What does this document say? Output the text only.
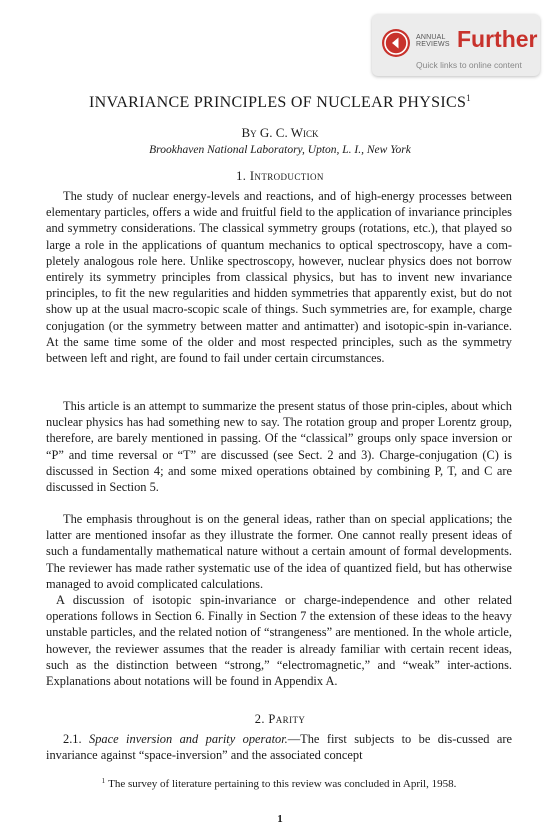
ANNUAL
REVIEWS Further
Quick links to online content
INVARIANCE PRINCIPLES OF NUCLEAR PHYSICS$^1$
By G. C. Wick
Brookhaven National Laboratory, Upton, L. I., New York
1. Introduction

The study of nuclear energy-levels and reactions, and of high-energy processes between elementary particles, offers a wide and fruitful field to the application of invariance principles and symmetry considerations. The classical symmetry groups (rotations, etc.), that played so large a role in the applications of quantum mechanics to optical spectroscopy, have a com-pletely analogous role here. Unlike spectroscopy, however, nuclear physics does not borrow entirely its symmetry principles from classical physics, but has to invent new invariance principles, to fit the new regularities and hidden symmetries that apparently exist, but do not show up at the usual macro-scopic scale of things. Such symmetries are, for example, charge conjugation (or the symmetry between matter and antimatter) and isotopic-spin in-variance. At the same time some of the older and most respected principles, such as the symmetry between left and right, are found to fail under certain circumstances.

This article is an attempt to summarize the present status of those prin-ciples, about which nuclear physics has had something new to say. The rotation group and proper Lorentz group, therefore, are barely mentioned in passing. Of the “classical” groups only space inversion or “P” and time reversal or “T” are discussed (see Sect. 2 and 3). Charge-conjugation (C) is discussed in Section 4; and some mixed operations obtained by combining P, T, and C are discussed in Section 5.

The emphasis throughout is on the general ideas, rather than on special applications; the latter are mentioned insofar as they illustrate the former. One cannot really present ideas of such a fundamentally mathematical nature without a certain amount of formal developments. The reviewer has made rather systematic use of the idea of quantized field, but has otherwise managed to avoid complicated calculations.

A discussion of isotopic spin-invariance or charge-independence and other related operations follows in Section 6. Finally in Section 7 the extension of these ideas to the heavy unstable particles, and the related notion of “strangeness” are mentioned. In the whole article, however, the reviewer assumes that the reader is already familiar with certain recent ideas, such as the distinction between “strong,” “electromagnetic,” and “weak” inter-actions. Explanations about notations will be found in Appendix A.

2. Parity

2.1. Space inversion and parity operator.—The first subjects to be dis-cussed are invariance against “space-inversion” and the associated concept

$^1$ The survey of literature pertaining to this review was concluded in April, 1958.
1
